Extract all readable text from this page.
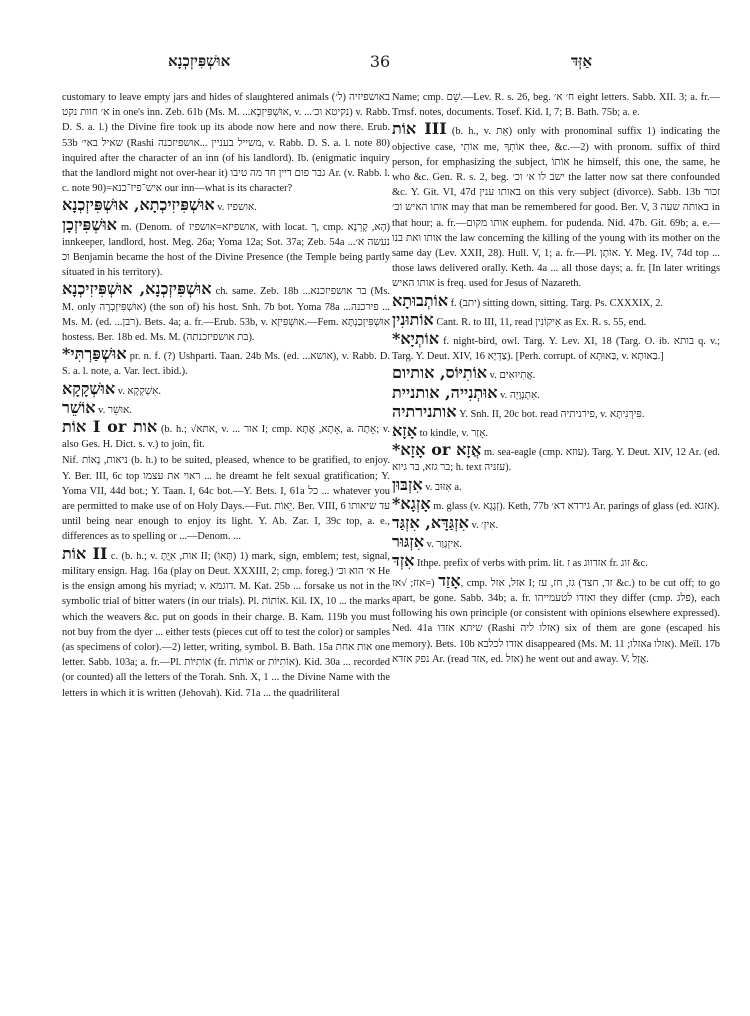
אוּשְׁפִּיזְכְנָא	36	אַזְּדּ

customary to leave empty jars and hides of slaughtered animals (ל׳) באושפיזיה א׳ חוות נקט in one's inn. Zeb. 61b (Ms. M. ...אוּשְׁפִּיזְכָא, v. ...נקיטא וכ׳) v. Rabb. D. S. a. l.) the Divine fire took up its abode now here and now there. Erub. 53b שאיל באי׳ (Rashi משייל בעניין ...אושפיזכנה, v. Rabb. D. S. a. l. note 80) inquired after the character of an inn (of his landlord). Ib. (enigmatic inquiry that the landlord might not over-hear it) גבר פום דיין חד מה טיבו Ar. (v. Rabb. l. c. note 90)=איש־פיז־כנא our inn—what is its character?

אוּשְׁפִּיזִיכְתָא, אוּשְׁפִּיזְכְנָא v. אושפיז.

אוּשְׁפִּיזְכָן m. (Denom. of אושפיזא=אושפיז, with locat. ך, cmp. הָא, קָרְנָא) innkeeper, landlord, host. Meg. 26a; Yoma 12a; Sot. 37a; Zeb. 54a ...נעשה א׳ וכ Benjamin became the host of the Divine Presence (the Temple being partly situated in his territory).

אוּשְׁפִּיזְכְנָא, אוּשְׁפִּיזִיכְנָא ch. same. Zeb. 18b ...בר אושפיזכנא (Ms. M. only אוּשְׁפִּיזְכְרָה) (the son of) his host. Snh. 7b bot. Yoma 78a ...פירכנה ... Ms. M. (ed. ...רבן). Bets. 4a; a. fr.—Erub. 53b, v. אוּשְׁפִּיזָא.—Fem. אוּשְׁפִּיזְכַנְתָּא hostess. Ber. 18b ed. Ms. M. (בת אושפיזכנתה).

*אוּשְׁפַּרְתִּי pr. n. f. (?) Ushparti. Taan. 24b Ms. (ed. ...אושא), v. Rabb. D. S. a. l. note, a. Var. lect. ibid.).

אוּשְׁקָקָא v. אִשְׁקְקָא.

אוֹשֵׁר v. אוּשֵׁר.

אוֹת I or אות (b. h.; √אתא, v. ... אור I; cmp. אָתָא, אֲתָא, a. אָתָה; v. also Ges. H. Dict. s. v.) to join, fit.

Nif. ניאות, נָאוֹת (b. h.) to be suited, pleased, whence to be gratified, to enjoy. Y. Ber. III, 6c top ראוי את עצמו ... he dreamt he felt sexual gratification; Y. Yoma VII, 44d bot.; Y. Taan. I, 64c bot.—Y. Bets. I, 61a כל ... whatever you are permitted to make use of on Holy Days.—Fut. יֵאוֹת. Ber. VIII, 6 עד שיאותו until being near enough to enjoy its light. Y. Ab. Zar. I, 39c top, a. e., differences as to spelling or ...—Denom. ...

אוֹת II c. (b. h.; v. אות, אִיֲתָ II; (תָּאוֹ) 1) mark, sign, emblem; test, signal, military ensign. Hag. 16a (play on Deut. XXXIII, 2; cmp. foreg.) א׳ הוא וכ׳ He is the ensign among his myriad; v. דוגמא. M. Kat. 25b ... forsake us not in the symbolic trial of bitter waters (in our trials). Pl. אוֹתוֹת. Kil. IX, 10 ... the marks which the weavers &c. put on goods in their charge. B. Kam. 119b you must not buy from the dyer ... either tests (pieces cut off to test the color) or samples (as specimens of color).—2) letter, writing, symbol. B. Bath. 15a אות אחת one letter. Sabb. 103a; a. fr.—Pl. אוֹתִיּוֹת (fr. אוֹתוֹת or אוֹתִיּוֹת). Kid. 30a ... recorded (or counted) all the letters of the Torah. Snh. X, 1 ... the Divine Name with the letters in which it is written (Jehovah). Kid. 71a ... the quadriliteral

Name; cmp. שֵׁם.—Lev. R. s. 26, beg. ח׳ א׳ eight letters. Sabb. XII. 3; a. fr.—Trnsf. notes, documents. Tosef. Kid. I, 7; B. Bath. 75b; a. e.

אוֹת III (b. h., v. אֵת) only with pronominal suffix 1) indicating the objective case, אוֹתִי me, אוֹתְךָ thee, &c.—2) with pronom. suffix of third person, for emphasizing the subject, אוֹתוֹ he himself, this one, the same, he who &c. Gen. R. s. 2, beg. ישב לו א׳ וכ׳ the latter now sat there confounded &c. Y. Git. VI, 47d באותו ענין on this very subject (divorce). Sabb. 13b זכור אותו האיש וכ׳ may that man be remembered for good. Ber. V, 3 באותה שעה in that hour; a. fr.—אותו מקום euphem. for pudenda. Nid. 47b. Git. 69b; a. e.—אותו ואת בנו the law concerning the killing of the young with its mother on the same day (Lev. XXII, 28). Hull. V, 1; a. fr.—Pl. אוֹתָן. Y. Meg. IV, 74d top ... those laws delivered orally. Keth. 4a ... all those days; a. fr. [In later writings אותו האיש is freq. used for Jesus of Nazareth.

אוֹתְבוּתָא f. (יתב) sitting down, sitting. Targ. Ps. CXXXIX, 2.

אוֹתוּנִין Cant. R. to III, 11, read אֵיקוֹנִין as Ex. R. s. 55, end.

*אוֹתְיָא f. night-bird, owl. Targ. Y. Lev. XI, 18 (Targ. O. ib. בותא q. v.; Targ. Y. Deut. XIV, 16 צַדְיָא). [Perh. corrupt. of בַּאוּתָא, v. בַּאוּתָא.]

אוֹתִיּוֹס, אותיום v. אֲתִיוּאִים.

אוּתְנִייה, אותניית v. אִתְנְוָיָה.

אותנירתיה Y. Snh. II, 20c bot. read פירניתיה, v. פִּירְנִיתָא.

אָזָא to kindle, v. אָזַר.

*אָזָא or אֲזָא m. sea-eagle (cmp. עוזא). Targ. Y. Deut. XIV, 12 Ar. (ed. בר גזא, בר גיוא; h. text עזניה).

אִזְבּוּן v. אִזּוּב a.

*אָזְגָא m. glass (v. זְגָגָא). Keth, 77b גירדא דא׳ Ar. parings of glass (ed. אזגא).

אִזְגַּדָּא, אִזְגַּד v. אִיזְ׳.

אִזְגּוּר v. אִיזְגַּוַר.

אִזְדּ Ithpe. prefix of verbs with prim. lit. ז as אזדווג fr. זוג &c.

אָזַד (=אזז; √אז, cmp. אזל, אזל I; גז, חז, עז (זד, חצד &c.) to be cut off; to go apart, be gone. Sabb. 34b; a. fr. ואזדו לטעמייהו they differ (cmp. פלג), each following his own principle (or consistent with opinions elsewhere expressed). Ned. 41a שיתא אזדו (Rashi אזלו ליה) six of them are gone (escaped his memory). Bets. 10b אזדו לכלבא disappeared (Ms. M. אזלו; 11a אזלו). Meïl. 17b נפק אזדא Ar. (read אזד, ed. אזל) he went out and away. V. אֲזַל.
